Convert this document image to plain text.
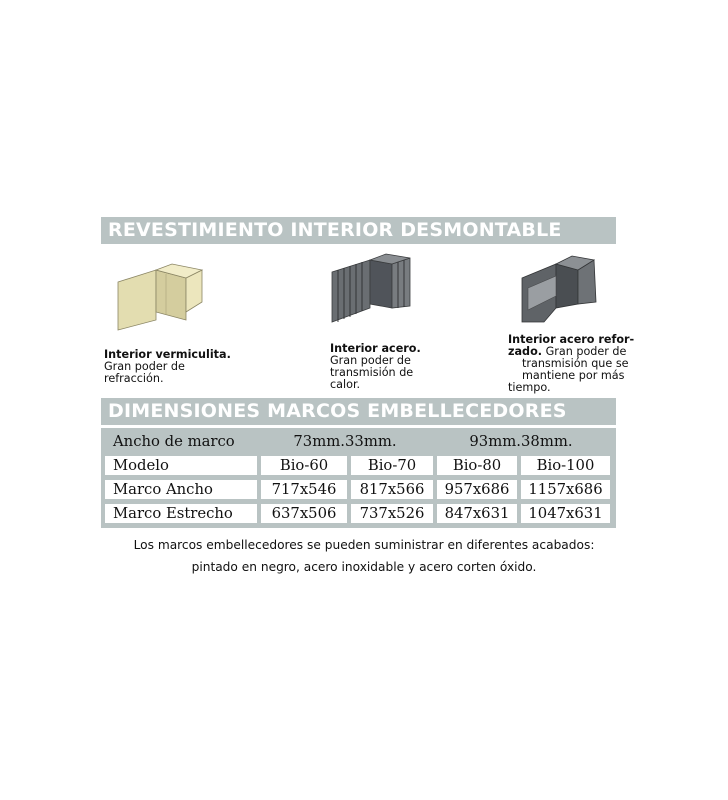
REVESTIMIENTO INTERIOR DESMONTABLE
Interior vermiculita.
Gran poder de
refracción.
Interior acero.
Gran poder de
transmisión de
calor.
Interior acero refor-
zado. Gran poder de
transmisión que se
mantiene por más
tiempo.
DIMENSIONES MARCOS EMBELLECEDORES
Ancho de marco	73mm.33mm.	93mm.38mm.
Modelo	Bio-60	Bio-70	Bio-80	Bio-100
Marco Ancho	717x546	817x566	957x686	1157x686
Marco Estrecho	637x506	737x526	847x631	1047x631
Los marcos embellecedores se pueden suministrar en diferentes acabados:
pintado en negro, acero inoxidable y acero corten óxido.
